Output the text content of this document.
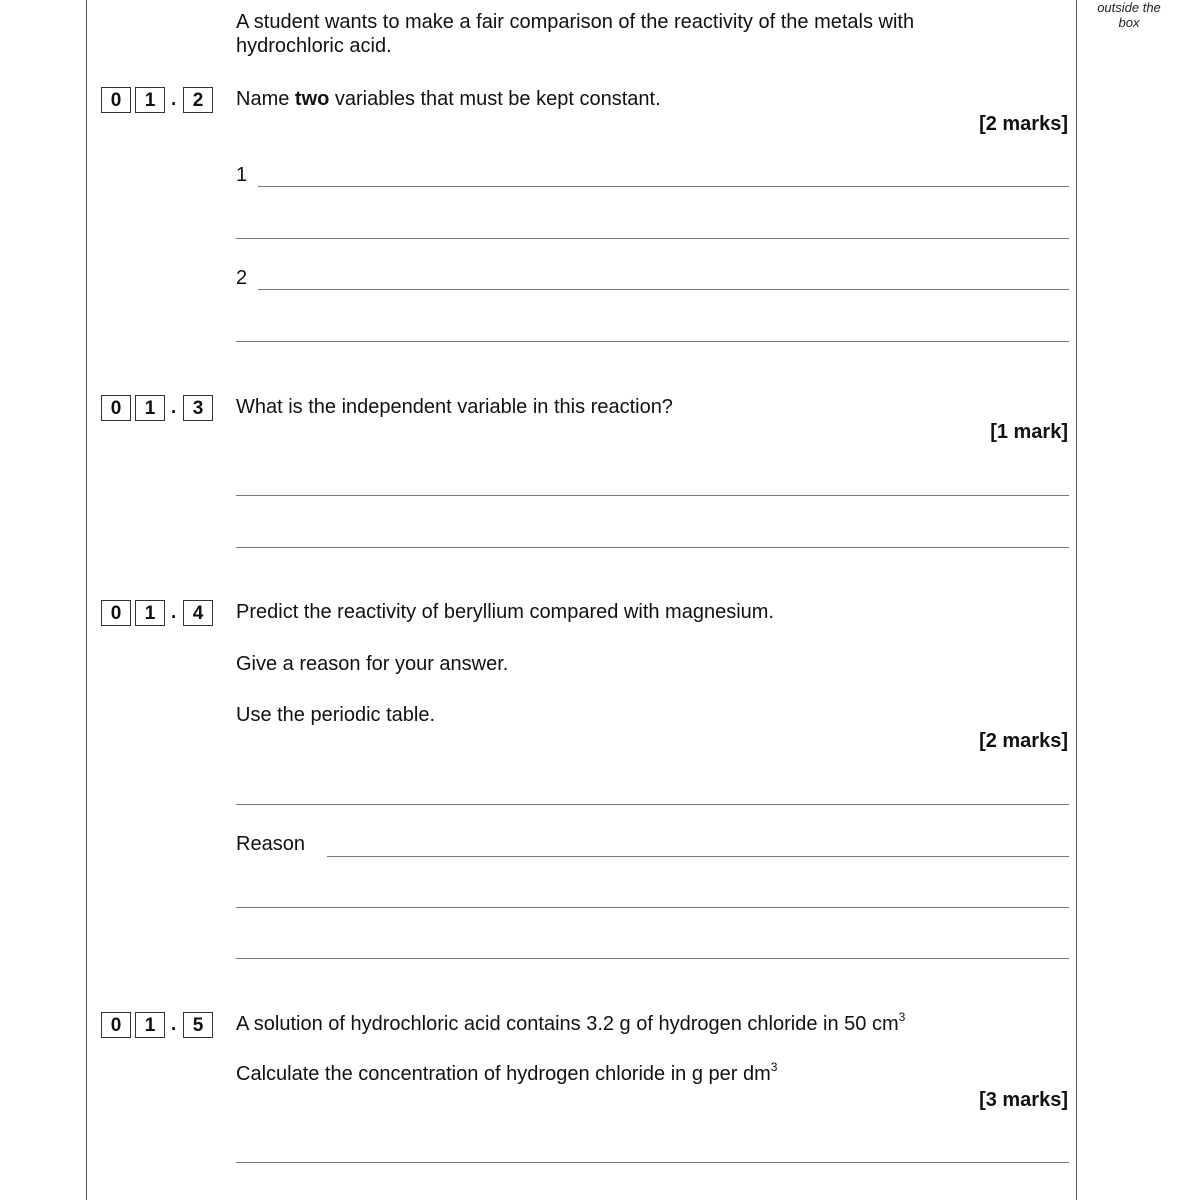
outside the
box
A student wants to make a fair comparison of the reactivity of the metals with
hydrochloric acid.
0	1 . 2	Name two variables that must be kept constant.
[2 marks]
1
2
0	1 . 3	What is the independent variable in this reaction?
[1 mark]
0	1 . 4	Predict the reactivity of beryllium compared with magnesium.
Give a reason for your answer.
Use the periodic table.
[2 marks]
Reason
0	1 . 5	A solution of hydrochloric acid contains 3.2 g of hydrogen chloride in 50 $cm^3$
Calculate the concentration of hydrogen chloride in g per $dm^3$
[3 marks]
